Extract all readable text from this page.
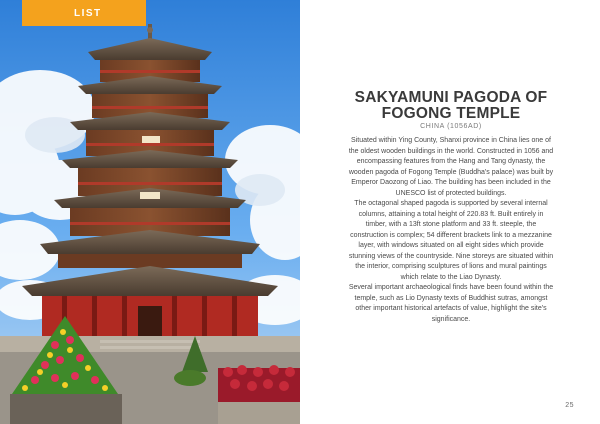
LIST
SAKYAMUNI PAGODA OF
FOGONG TEMPLE
CHINA (1056AD)

Situated within Ying County, Shanxi province in China lies one of the oldest wooden buildings in the world. Constructed in 1056 and encompassing features from the Hang and Tang dynasty, the wooden pagoda of Fogong Temple (Buddha's palace) was built by Emperor Daozong of Liao. The building has been included in the UNESCO list of protected buildings.

The octagonal shaped pagoda is supported by several internal columns, attaining a total height of 220.83 ft. Built entirely in timber, with a 13ft stone platform and 33 ft. steeple, the construction is complex; 54 different brackets link to a mezzanine layer, with windows situated on all eight sides which provide stunning views of the countryside. Nine storeys are situated within the interior, comprising sculptures of lions and mural paintings which relate to the Liao Dynasty.

Several important archaeological finds have been found within the temple, such as Lio Dynasty texts of Buddhist sutras, amongst other important historical artefacts of value, highlight the site's significance.

25
